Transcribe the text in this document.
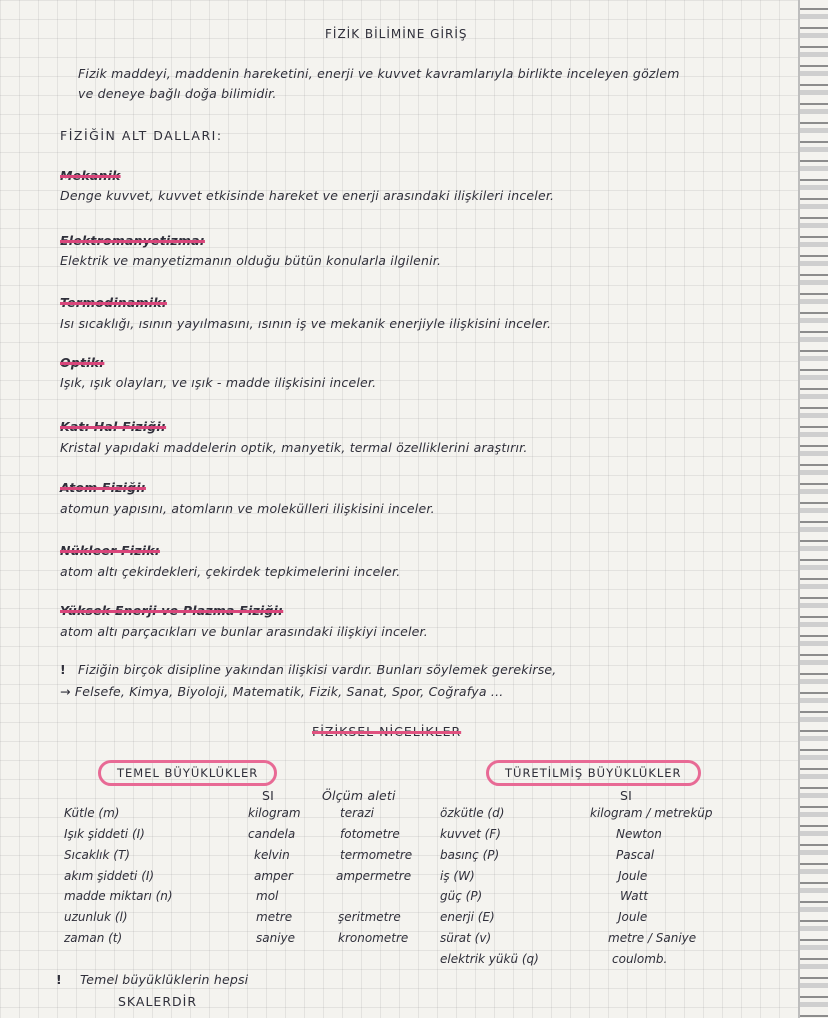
FİZİK BİLİMİNE GİRİŞ
Fizik maddeyi, maddenin hareketini, enerji ve kuvvet kavramlarıyla birlikte inceleyen gözlem
ve deneye bağlı doğa bilimidir.
FİZİĞİN ALT DALLARI:
Mekanik
Denge kuvvet, kuvvet etkisinde hareket ve enerji arasındaki ilişkileri inceler.
Elektromanyetizma:
Elektrik ve manyetizmanın olduğu bütün konularla ilgilenir.
Termodinamik:
Isı sıcaklığı, ısının yayılmasını, ısının iş ve mekanik enerjiyle ilişkisini inceler.
Optik:
Işık, ışık olayları, ve ışık - madde ilişkisini inceler.
Katı Hal Fiziği:
Kristal yapıdaki maddelerin optik, manyetik, termal özelliklerini araştırır.
Atom Fiziği:
atomun yapısını, atomların ve molekülleri ilişkisini inceler.
Nükleer Fizik:
atom altı çekirdekleri, çekirdek tepkimelerini inceler.
Yüksek Enerji ve Plazma Fiziği:
atom altı parçacıkları ve bunlar arasındaki ilişkiyi inceler.
! Fiziğin birçok disipline yakından ilişkisi vardır. Bunları söylemek gerekirse,
→ Felsefe, Kimya, Biyoloji, Matematik, Fizik, Sanat, Spor, Coğrafya ...
FİZİKSEL NİCELİKLER
TEMEL BÜYÜKLÜKLER
SI	Ölçüm aleti
Kütle (m)
Işık şiddeti (I)
Sıcaklık (T)
akım şiddeti (I)
madde miktarı (n)
uzunluk (l)
zaman (t)
kilogram
candela
kelvin
amper
mol
metre
saniye
terazi
fotometre
termometre
ampermetre
şeritmetre
kronometre
TÜRETİLMİŞ BÜYÜKLÜKLER
SI
özkütle (d)
kuvvet (F)
basınç (P)
iş (W)
güç (P)
enerji (E)
sürat (v)
elektrik yükü (q)
kilogram / metreküp
Newton
Pascal
Joule
Watt
Joule
metre / Saniye
coulomb.
! Temel büyüklüklerin hepsi
SKALERDİR
